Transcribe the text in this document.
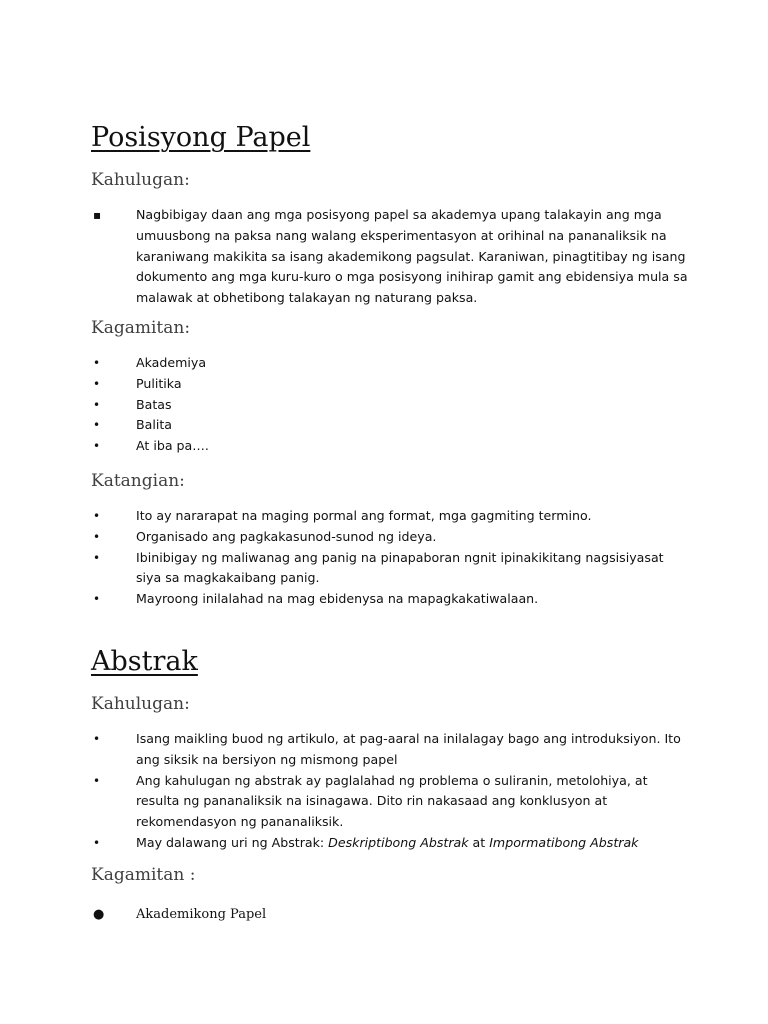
Posisyong Papel
Kahulugan:
▪	Nagbibigay daan ang mga posisyong papel sa akademya upang talakayin ang mga umuusbong na paksa nang walang eksperimentasyon at orihinal na pananaliksik na karaniwang makikita sa isang akademikong pagsulat. Karaniwan, pinagtitibay ng isang dokumento ang mga kuru-kuro o mga posisyong inihirap gamit ang ebidensiya mula sa malawak at obhetibong talakayan ng naturang paksa.
Kagamitan:
•	Akademiya
•	Pulitika
•	Batas
•	Balita
•	At iba pa….
Katangian:
•	Ito ay nararapat na maging pormal ang format, mga gagmiting termino.
•	Organisado ang pagkakasunod-sunod ng ideya.
•	Ibinibigay ng maliwanag ang panig na pinapaboran ngnit ipinakikitang nagsisiyasat siya sa magkakaibang panig.
•	Mayroong inilalahad na mag ebidenysa na mapagkakatiwalaan.
Abstrak
Kahulugan:
•	Isang maikling buod ng artikulo, at pag-aaral na inilalagay bago ang introduksiyon. Ito ang siksik na bersiyon ng mismong papel
•	Ang kahulugan ng abstrak ay paglalahad ng problema o suliranin, metolohiya, at resulta ng pananaliksik na isinagawa. Dito rin nakasaad ang konklusyon at rekomendasyon ng pananaliksik.
•	May dalawang uri ng Abstrak: Deskriptibong Abstrak at Impormatibong Abstrak
Kagamitan :
● Akademikong Papel
